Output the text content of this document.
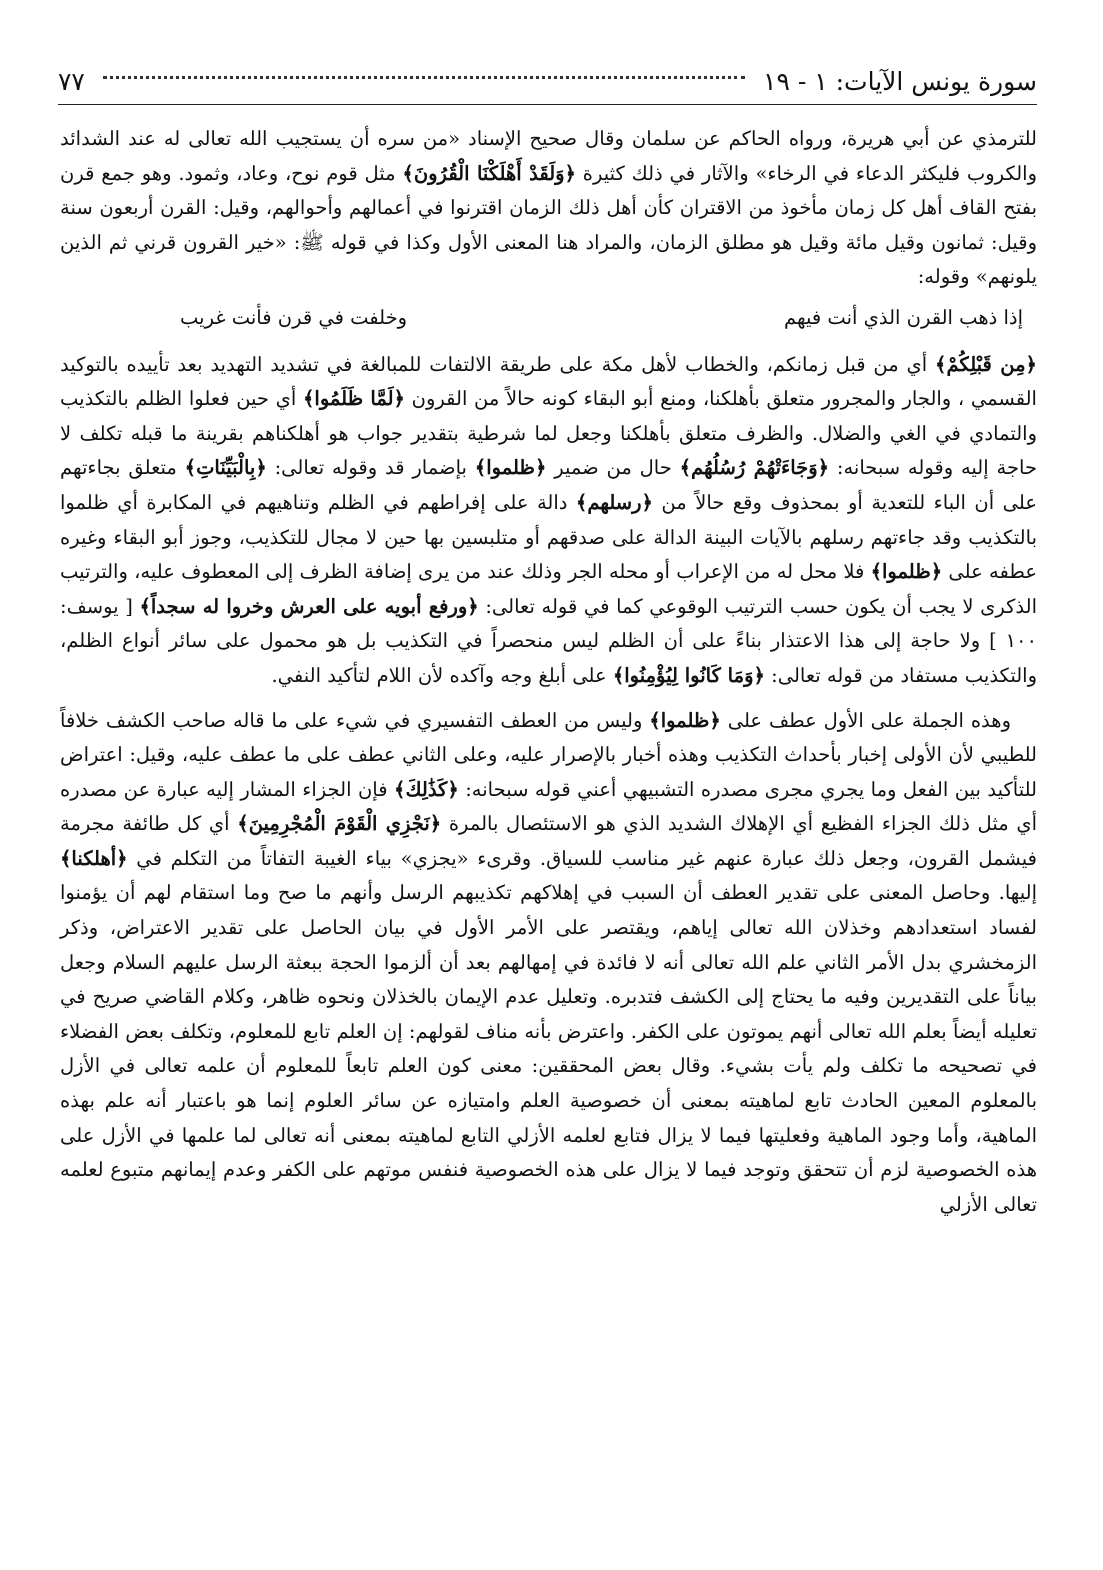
سورة يونس الآيات: ١ - ١٩
٧٧

للترمذي عن أبي هريرة، ورواه الحاكم عن سلمان وقال صحيح الإسناد «من سره أن يستجيب الله تعالى له عند الشدائد والكروب فليكثر الدعاء في الرخاء» والآثار في ذلك كثيرة ﴿وَلَقَدْ أَهْلَكْنَا الْقُرُونَ﴾ مثل قوم نوح، وعاد، وثمود. وهو جمع قرن بفتح القاف أهل كل زمان مأخوذ من الاقتران كأن أهل ذلك الزمان اقترنوا في أعمالهم وأحوالهم، وقيل: القرن أربعون سنة وقيل: ثمانون وقيل مائة وقيل هو مطلق الزمان، والمراد هنا المعنى الأول وكذا في قوله ﷺ: «خير القرون قرني ثم الذين يلونهم» وقوله:

إذا ذهب القرن الذي أنت فيهم
وخلفت في قرن فأنت غريب

﴿مِن قَبْلِكُمْ﴾ أي من قبل زمانكم، والخطاب لأهل مكة على طريقة الالتفات للمبالغة في تشديد التهديد بعد تأييده بالتوكيد القسمي ، والجار والمجرور متعلق بأهلكنا، ومنع أبو البقاء كونه حالاً من القرون ﴿لَمَّا ظَلَمُوا﴾ أي حين فعلوا الظلم بالتكذيب والتمادي في الغي والضلال. والظرف متعلق بأهلكنا وجعل لما شرطية بتقدير جواب هو أهلكناهم بقرينة ما قبله تكلف لا حاجة إليه وقوله سبحانه: ﴿وَجَاءَتْهُمْ رُسُلُهُم﴾ حال من ضمير ﴿ظلموا﴾ بإضمار قد وقوله تعالى: ﴿بِالْبَيِّنَاتِ﴾ متعلق بجاءتهم على أن الباء للتعدية أو بمحذوف وقع حالاً من ﴿رسلهم﴾ دالة على إفراطهم في الظلم وتناهيهم في المكابرة أي ظلموا بالتكذيب وقد جاءتهم رسلهم بالآيات البينة الدالة على صدقهم أو متلبسين بها حين لا مجال للتكذيب، وجوز أبو البقاء وغيره عطفه على ﴿ظلموا﴾ فلا محل له من الإعراب أو محله الجر وذلك عند من يرى إضافة الظرف إلى المعطوف عليه، والترتيب الذكرى لا يجب أن يكون حسب الترتيب الوقوعي كما في قوله تعالى: ﴿ورفع أبويه على العرش وخروا له سجداً﴾ [ يوسف: ١٠٠ ] ولا حاجة إلى هذا الاعتذار بناءً على أن الظلم ليس منحصراً في التكذيب بل هو محمول على سائر أنواع الظلم، والتكذيب مستفاد من قوله تعالى: ﴿وَمَا كَانُوا لِيُؤْمِنُوا﴾ على أبلغ وجه وآكده لأن اللام لتأكيد النفي.

وهذه الجملة على الأول عطف على ﴿ظلموا﴾ وليس من العطف التفسيري في شيء على ما قاله صاحب الكشف خلافاً للطيبي لأن الأولى إخبار بأحداث التكذيب وهذه أخبار بالإصرار عليه، وعلى الثاني عطف على ما عطف عليه، وقيل: اعتراض للتأكيد بين الفعل وما يجري مجرى مصدره التشبيهي أعني قوله سبحانه: ﴿كَذَٰلِكَ﴾ فإن الجزاء المشار إليه عبارة عن مصدره أي مثل ذلك الجزاء الفظيع أي الإهلاك الشديد الذي هو الاستئصال بالمرة ﴿نَجْزِي الْقَوْمَ الْمُجْرِمِينَ﴾ أي كل طائفة مجرمة فيشمل القرون، وجعل ذلك عبارة عنهم غير مناسب للسياق. وقرىء «يجزي» بياء الغيبة التفاتاً من التكلم في ﴿أهلكنا﴾ إليها. وحاصل المعنى على تقدير العطف أن السبب في إهلاكهم تكذيبهم الرسل وأنهم ما صح وما استقام لهم أن يؤمنوا لفساد استعدادهم وخذلان الله تعالى إياهم، ويقتصر على الأمر الأول في بيان الحاصل على تقدير الاعتراض، وذكر الزمخشري بدل الأمر الثاني علم الله تعالى أنه لا فائدة في إمهالهم بعد أن ألزموا الحجة ببعثة الرسل عليهم السلام وجعل بياناً على التقديرين وفيه ما يحتاج إلى الكشف فتدبره. وتعليل عدم الإيمان بالخذلان ونحوه ظاهر، وكلام القاضي صريح في تعليله أيضاً بعلم الله تعالى أنهم يموتون على الكفر. واعترض بأنه مناف لقولهم: إن العلم تابع للمعلوم، وتكلف بعض الفضلاء في تصحيحه ما تكلف ولم يأت بشيء. وقال بعض المحققين: معنى كون العلم تابعاً للمعلوم أن علمه تعالى في الأزل بالمعلوم المعين الحادث تابع لماهيته بمعنى أن خصوصية العلم وامتيازه عن سائر العلوم إنما هو باعتبار أنه علم بهذه الماهية، وأما وجود الماهية وفعليتها فيما لا يزال فتابع لعلمه الأزلي التابع لماهيته بمعنى أنه تعالى لما علمها في الأزل على هذه الخصوصية لزم أن تتحقق وتوجد فيما لا يزال على هذه الخصوصية فنفس موتهم على الكفر وعدم إيمانهم متبوع لعلمه تعالى الأزلي
